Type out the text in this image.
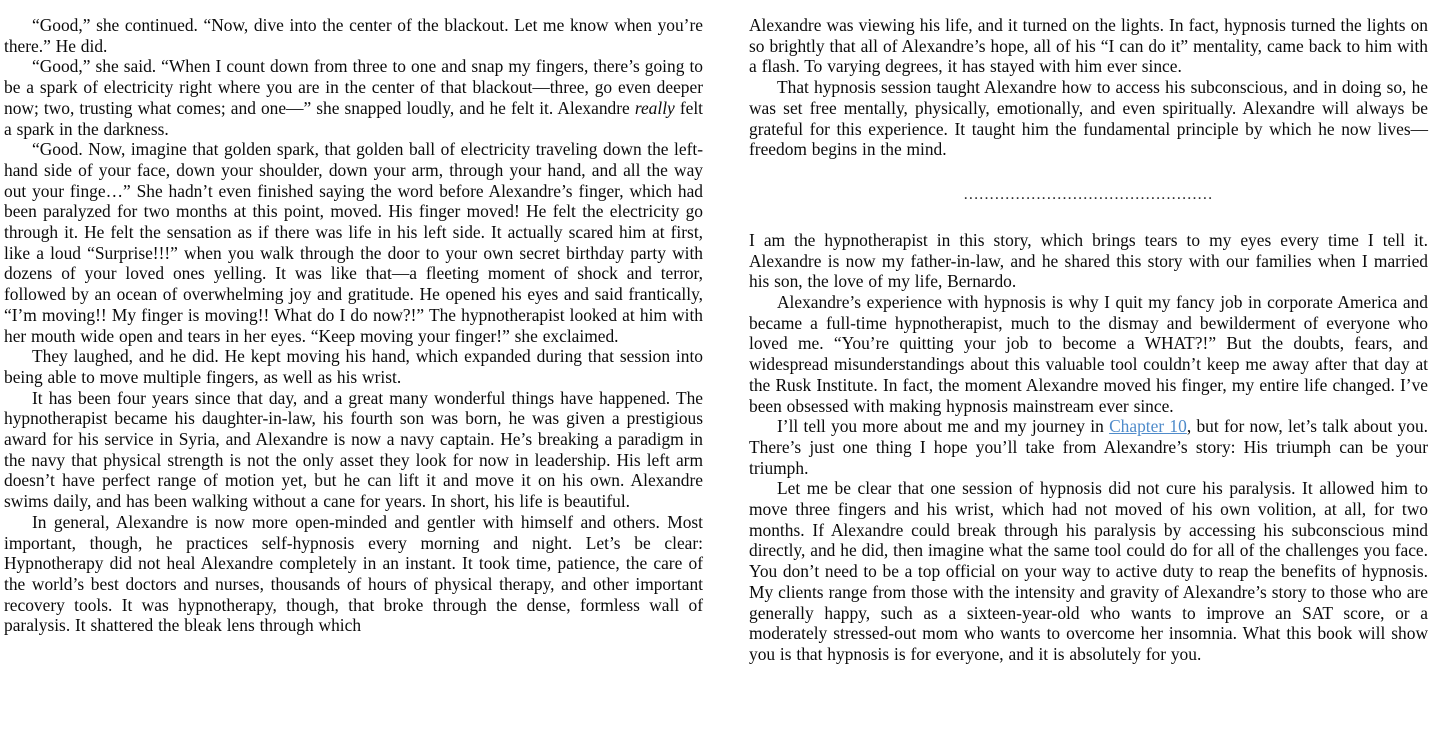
“Good,” she continued. “Now, dive into the center of the blackout. Let me know when you’re there.” He did.

“Good,” she said. “When I count down from three to one and snap my fingers, there’s going to be a spark of electricity right where you are in the center of that blackout—three, go even deeper now; two, trusting what comes; and one—” she snapped loudly, and he felt it. Alexandre really felt a spark in the darkness.

“Good. Now, imagine that golden spark, that golden ball of electricity traveling down the left-hand side of your face, down your shoulder, down your arm, through your hand, and all the way out your finge…” She hadn’t even finished saying the word before Alexandre’s finger, which had been paralyzed for two months at this point, moved. His finger moved! He felt the electricity go through it. He felt the sensation as if there was life in his left side. It actually scared him at first, like a loud “Surprise!!!” when you walk through the door to your own secret birthday party with dozens of your loved ones yelling. It was like that—a fleeting moment of shock and terror, followed by an ocean of overwhelming joy and gratitude. He opened his eyes and said frantically, “I’m moving!! My finger is moving!! What do I do now?!” The hypnotherapist looked at him with her mouth wide open and tears in her eyes. “Keep moving your finger!” she exclaimed.

They laughed, and he did. He kept moving his hand, which expanded during that session into being able to move multiple fingers, as well as his wrist.

It has been four years since that day, and a great many wonderful things have happened. The hypnotherapist became his daughter-in-law, his fourth son was born, he was given a prestigious award for his service in Syria, and Alexandre is now a navy captain. He’s breaking a paradigm in the navy that physical strength is not the only asset they look for now in leadership. His left arm doesn’t have perfect range of motion yet, but he can lift it and move it on his own. Alexandre swims daily, and has been walking without a cane for years. In short, his life is beautiful.

In general, Alexandre is now more open-minded and gentler with himself and others. Most important, though, he practices self-hypnosis every morning and night. Let’s be clear: Hypnotherapy did not heal Alexandre completely in an instant. It took time, patience, the care of the world’s best doctors and nurses, thousands of hours of physical therapy, and other important recovery tools. It was hypnotherapy, though, that broke through the dense, formless wall of paralysis. It shattered the bleak lens through which

Alexandre was viewing his life, and it turned on the lights. In fact, hypnosis turned the lights on so brightly that all of Alexandre’s hope, all of his “I can do it” mentality, came back to him with a flash. To varying degrees, it has stayed with him ever since.

That hypnosis session taught Alexandre how to access his subconscious, and in doing so, he was set free mentally, physically, emotionally, and even spiritually. Alexandre will always be grateful for this experience. It taught him the fundamental principle by which he now lives—freedom begins in the mind.

................................................

I am the hypnotherapist in this story, which brings tears to my eyes every time I tell it. Alexandre is now my father-in-law, and he shared this story with our families when I married his son, the love of my life, Bernardo.

Alexandre’s experience with hypnosis is why I quit my fancy job in corporate America and became a full-time hypnotherapist, much to the dismay and bewilderment of everyone who loved me. “You’re quitting your job to become a WHAT?!” But the doubts, fears, and widespread misunderstandings about this valuable tool couldn’t keep me away after that day at the Rusk Institute. In fact, the moment Alexandre moved his finger, my entire life changed. I’ve been obsessed with making hypnosis mainstream ever since.

I’ll tell you more about me and my journey in Chapter 10, but for now, let’s talk about you. There’s just one thing I hope you’ll take from Alexandre’s story: His triumph can be your triumph.

Let me be clear that one session of hypnosis did not cure his paralysis. It allowed him to move three fingers and his wrist, which had not moved of his own volition, at all, for two months. If Alexandre could break through his paralysis by accessing his subconscious mind directly, and he did, then imagine what the same tool could do for all of the challenges you face. You don’t need to be a top official on your way to active duty to reap the benefits of hypnosis. My clients range from those with the intensity and gravity of Alexandre’s story to those who are generally happy, such as a sixteen-year-old who wants to improve an SAT score, or a moderately stressed-out mom who wants to overcome her insomnia. What this book will show you is that hypnosis is for everyone, and it is absolutely for you.
